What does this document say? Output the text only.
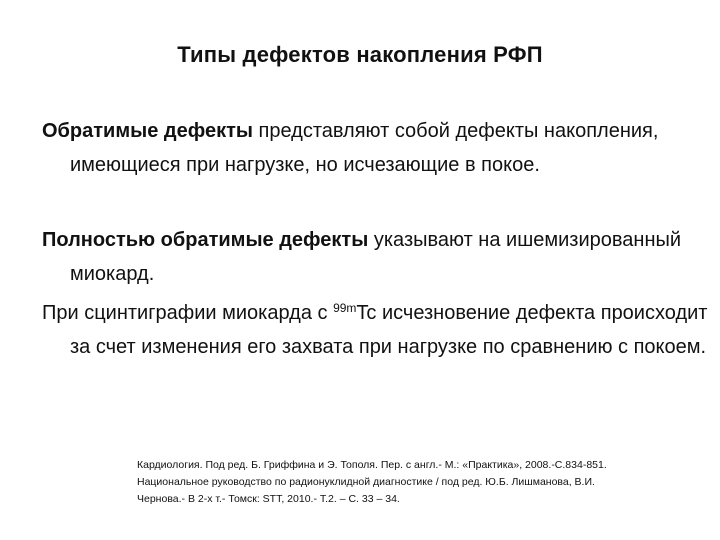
Типы дефектов накопления РФП
Обратимые дефекты представляют собой дефекты накопления, имеющиеся при нагрузке, но исчезающие в покое.
Полностью обратимые дефекты указывают на ишемизированный миокард.
При сцинтиграфии миокарда с $^{99m}$Tc исчезновение дефекта происходит за счет изменения его захвата при нагрузке по сравнению с покоем.
Кардиология. Под ред. Б. Гриффина и Э. Тополя. Пер. с англ.- М.: «Практика», 2008.-С.834-851.
Национальное руководство по радионуклидной диагностике / под ред. Ю.Б. Лишманова, В.И.
Чернова.- В 2-х т.- Томск: STT, 2010.- Т.2. – С. 33 – 34.
